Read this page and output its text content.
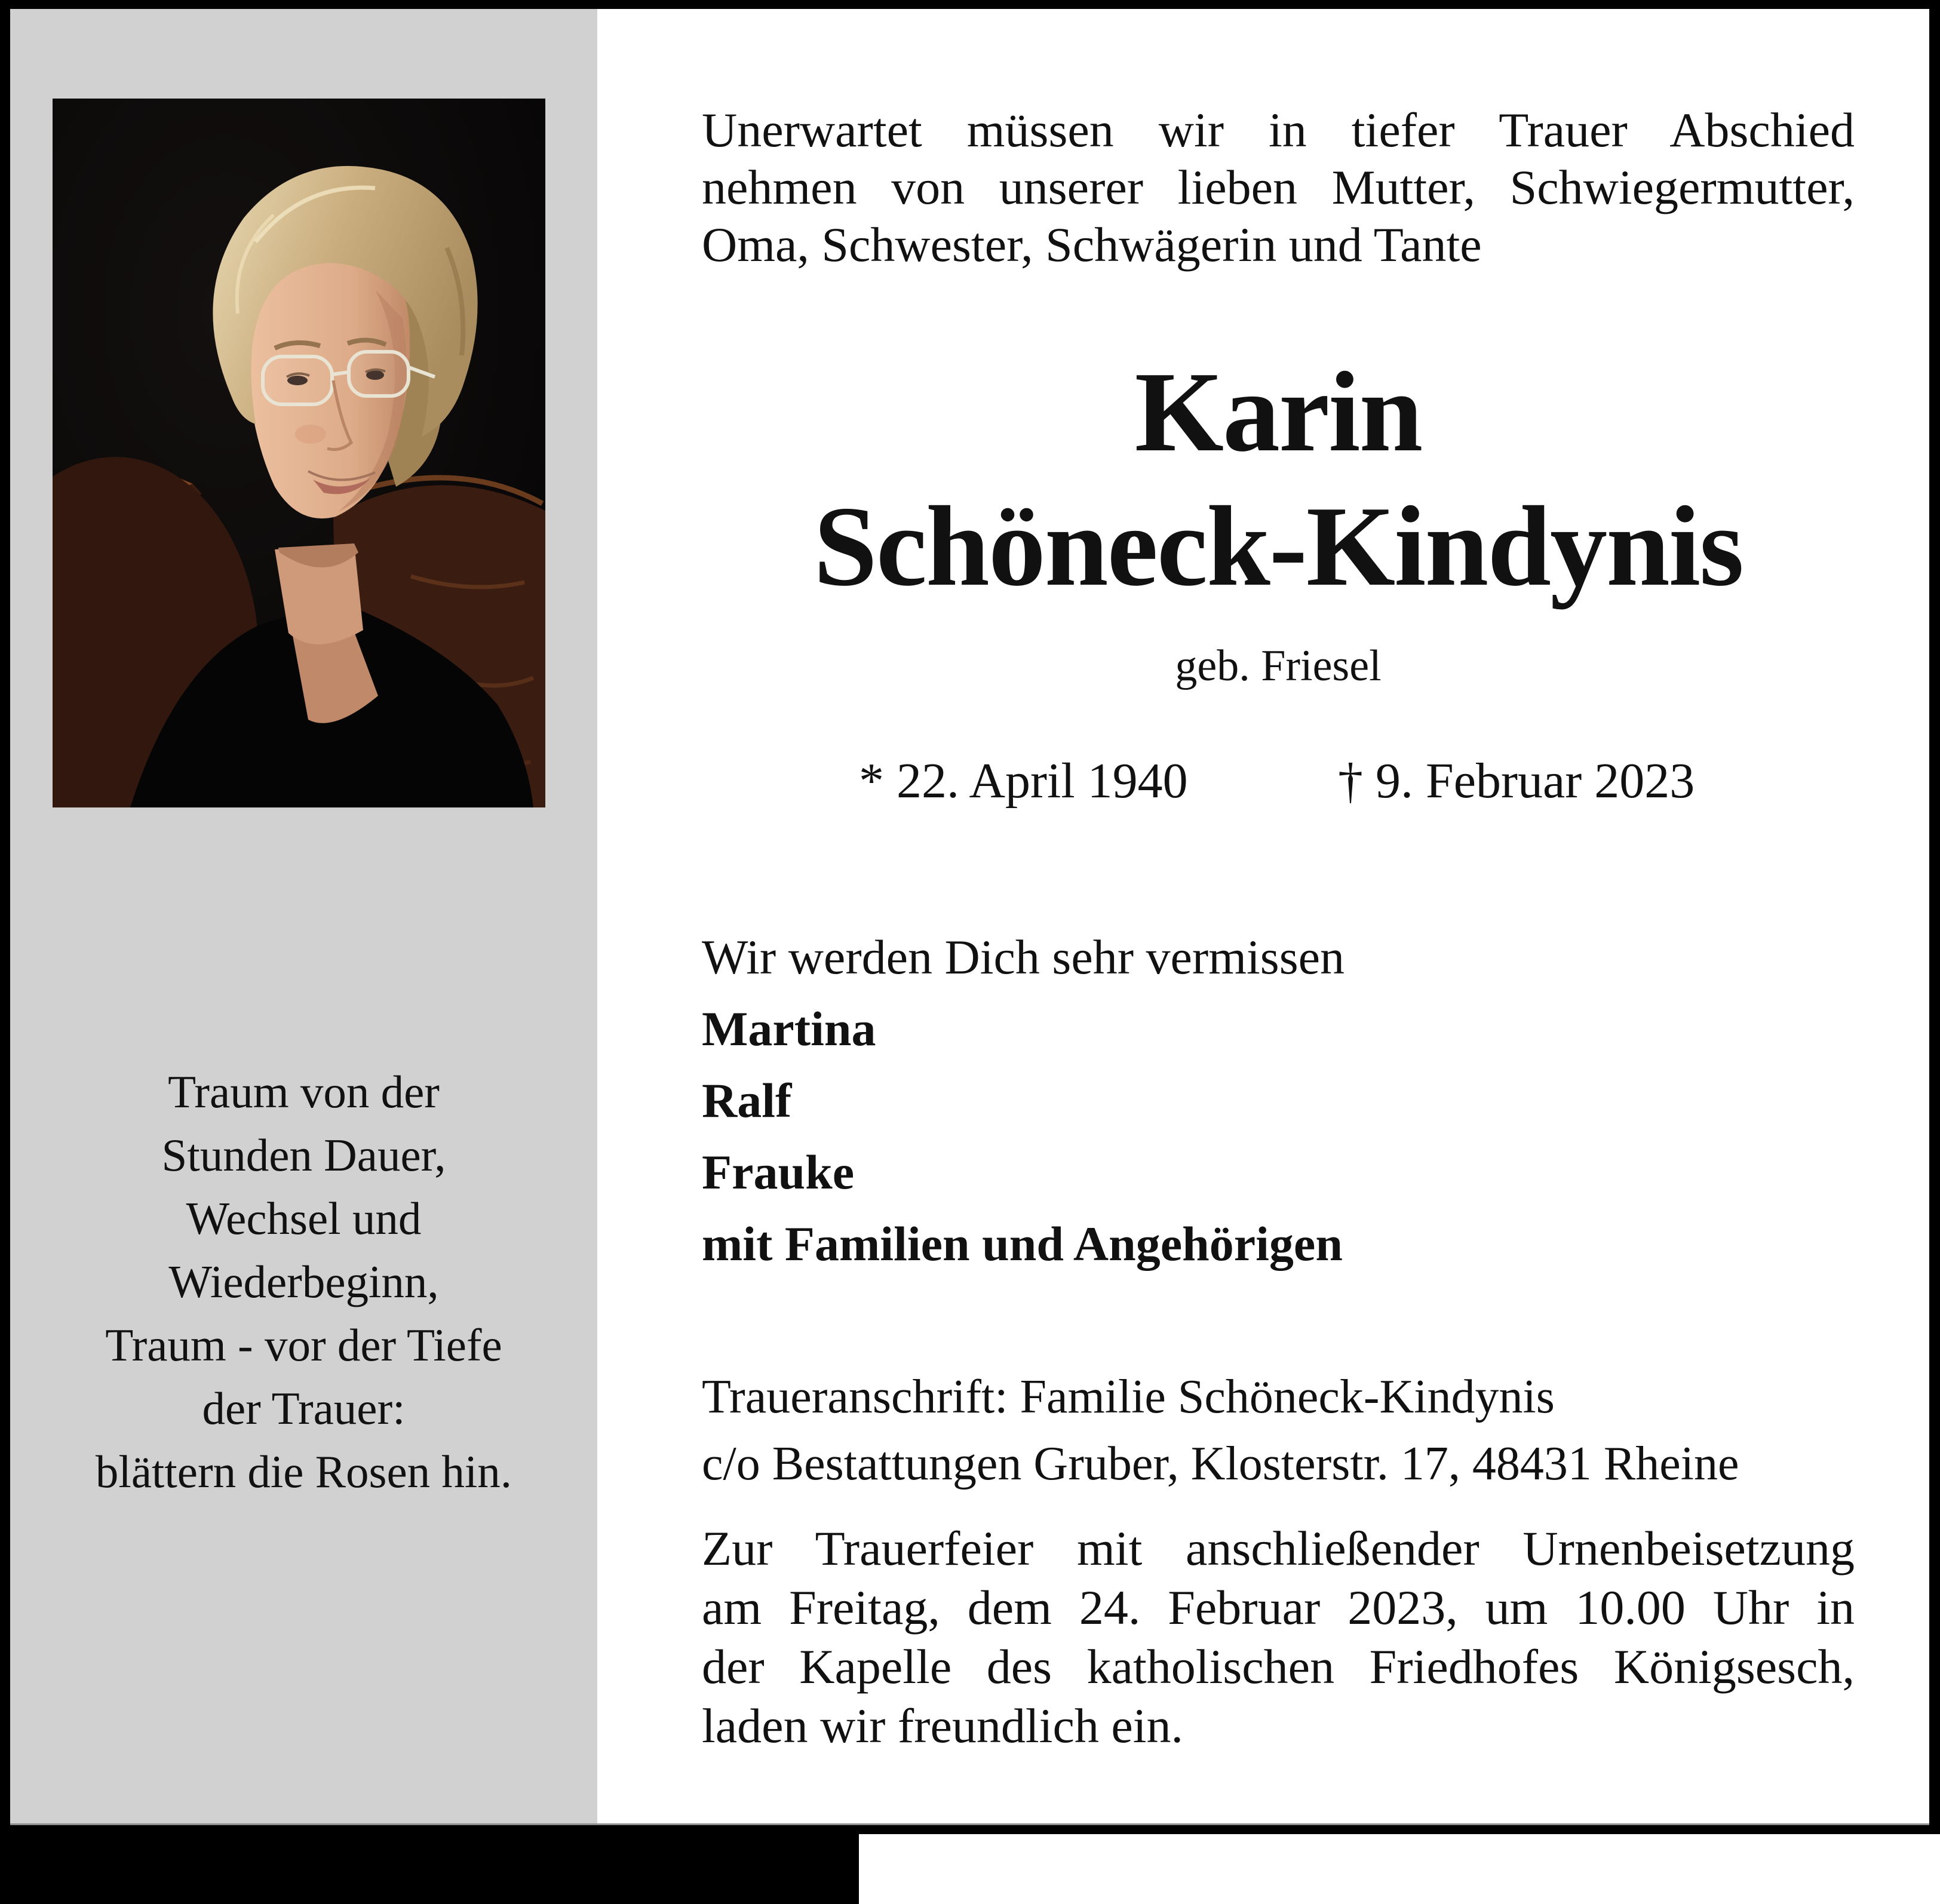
Traum von der
Stunden Dauer,
Wechsel und
Wiederbeginn,
Traum - vor der Tiefe
der Trauer:
blättern die Rosen hin.
Unerwartet müssen wir in tiefer Trauer Abschied
nehmen von unserer lieben Mutter, Schwiegermutter,
Oma, Schwester, Schwägerin und Tante
Karin
Schöneck-Kindynis
geb. Friesel
* 22. April 1940	† 9. Februar 2023
Wir werden Dich sehr vermissen
Martina
Ralf
Frauke
mit Familien und Angehörigen
Traueranschrift: Familie Schöneck-Kindynis
c/o Bestattungen Gruber, Klosterstr. 17, 48431 Rheine
Zur Trauerfeier mit anschließender Urnenbeisetzung
am Freitag, dem 24. Februar 2023, um 10.00 Uhr in
der Kapelle des katholischen Friedhofes Königsesch,
laden wir freundlich ein.
